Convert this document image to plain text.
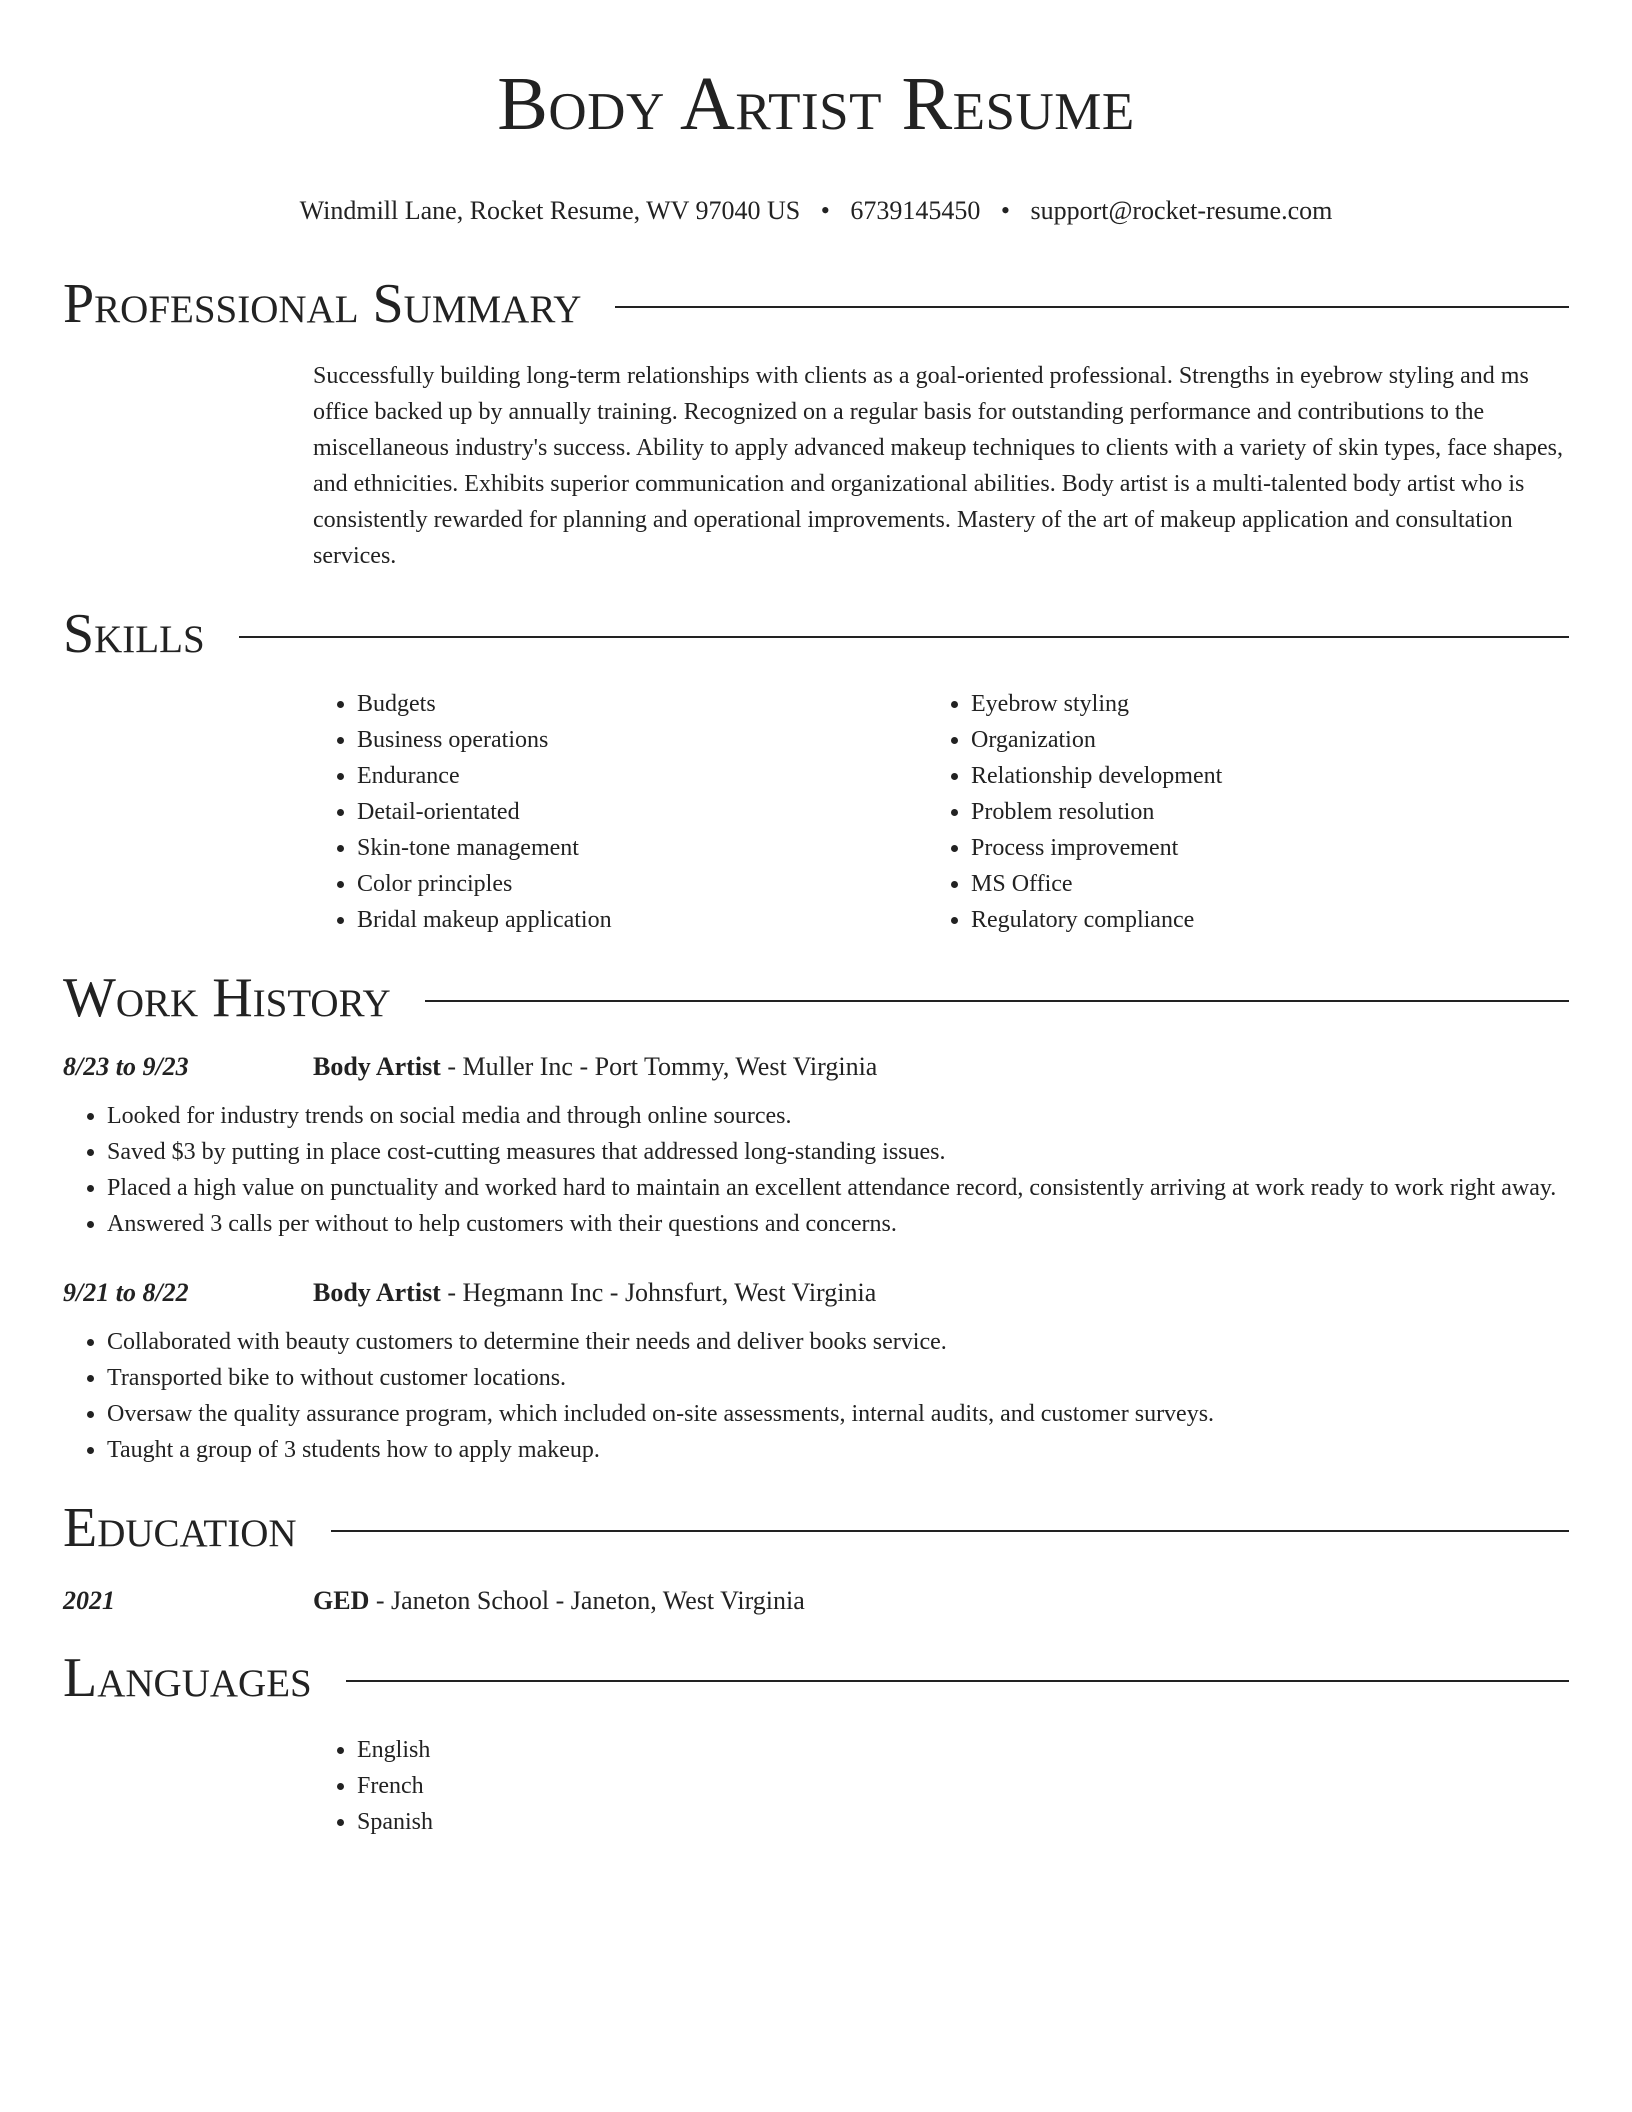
Body Artist Resume
Windmill Lane, Rocket Resume, WV 97040 US • 6739145450 • support@rocket-resume.com
Professional Summary
Successfully building long-term relationships with clients as a goal-oriented professional. Strengths in eyebrow styling and ms office backed up by annually training. Recognized on a regular basis for outstanding performance and contributions to the miscellaneous industry's success. Ability to apply advanced makeup techniques to clients with a variety of skin types, face shapes, and ethnicities. Exhibits superior communication and organizational abilities. Body artist is a multi-talented body artist who is consistently rewarded for planning and operational improvements. Mastery of the art of makeup application and consultation services.
Skills
• Budgets
• Business operations
• Endurance
• Detail-orientated
• Skin-tone management
• Color principles
• Bridal makeup application
• Eyebrow styling
• Organization
• Relationship development
• Problem resolution
• Process improvement
• MS Office
• Regulatory compliance
Work History
8/23 to 9/23	Body Artist - Muller Inc - Port Tommy, West Virginia
• Looked for industry trends on social media and through online sources.
• Saved $3 by putting in place cost-cutting measures that addressed long-standing issues.
• Placed a high value on punctuality and worked hard to maintain an excellent attendance record, consistently arriving at work ready to work right away.
• Answered 3 calls per without to help customers with their questions and concerns.
9/21 to 8/22	Body Artist - Hegmann Inc - Johnsfurt, West Virginia
• Collaborated with beauty customers to determine their needs and deliver books service.
• Transported bike to without customer locations.
• Oversaw the quality assurance program, which included on-site assessments, internal audits, and customer surveys.
• Taught a group of 3 students how to apply makeup.
Education
2021	GED - Janeton School - Janeton, West Virginia
Languages
• English
• French
• Spanish
